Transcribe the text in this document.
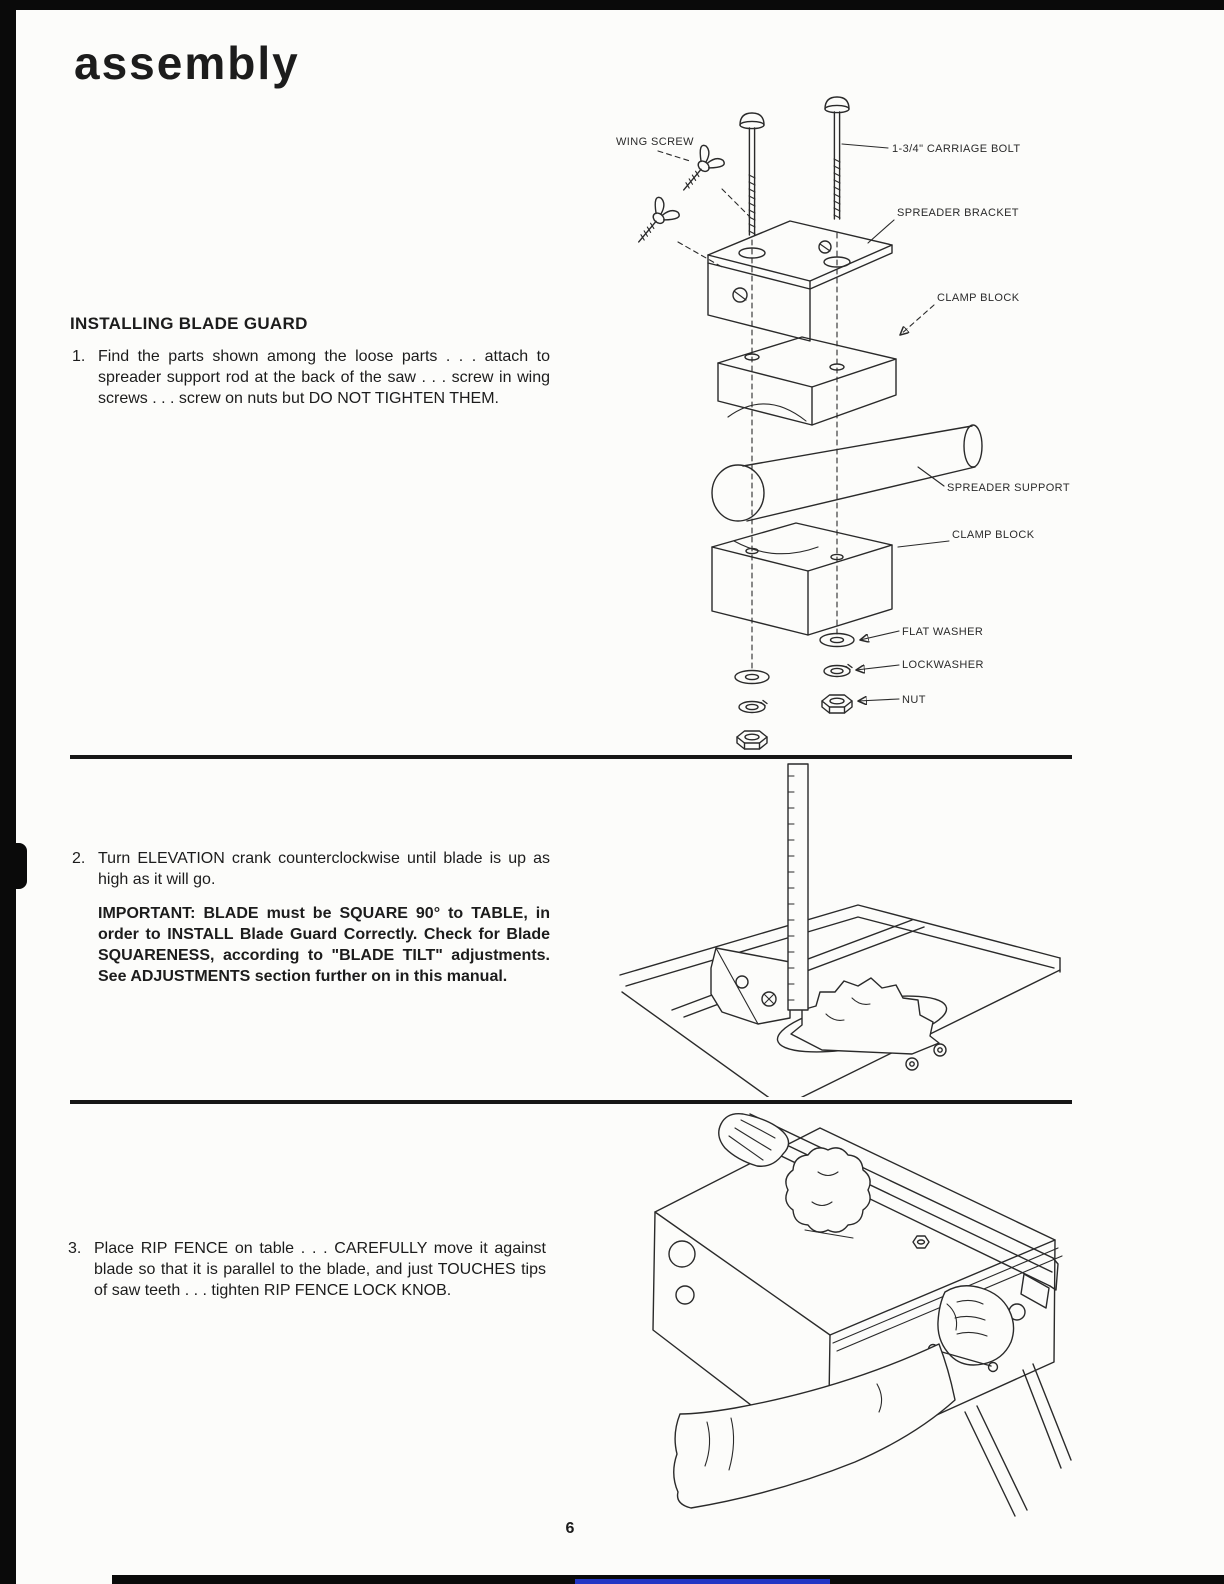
assembly
WING SCREW
1-3/4" CARRIAGE BOLT
SPREADER BRACKET
CLAMP BLOCK
SPREADER SUPPORT
CLAMP BLOCK
FLAT WASHER
LOCKWASHER
NUT
INSTALLING BLADE GUARD
1. Find the parts shown among the loose parts . . . attach to spreader support rod at the back of the saw . . . screw in wing screws . . . screw on nuts but DO NOT TIGHTEN THEM.

2. Turn ELEVATION crank counterclockwise until blade is up as high as it will go.

IMPORTANT: BLADE must be SQUARE 90° to TABLE, in order to INSTALL Blade Guard Correctly. Check for Blade SQUARENESS, according to "BLADE TILT" adjustments. See ADJUSTMENTS section further on in this manual.

3. Place RIP FENCE on table . . . CAREFULLY move it against blade so that it is parallel to the blade, and just TOUCHES tips of saw teeth . . . tighten RIP FENCE LOCK KNOB.

6
